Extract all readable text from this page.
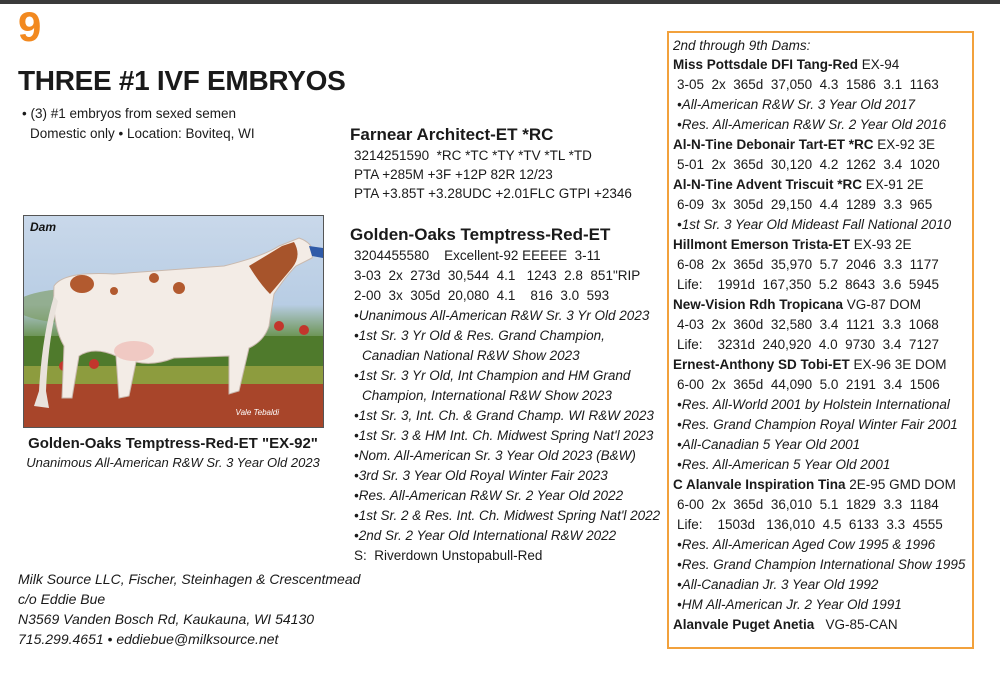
9
THREE #1 IVF EMBRYOS
• (3) #1 embryos from sexed semen
Domestic only • Location: Boviteq, WI
Dam
Vale Tebaldi
Golden-Oaks Temptress-Red-ET "EX-92"
Unanimous All-American R&W Sr. 3 Year Old 2023
Milk Source LLC, Fischer, Steinhagen & Crescentmead
c/o Eddie Bue
N3569 Vanden Bosch Rd, Kaukauna, WI 54130
715.299.4651 • eddiebue@milksource.net
Farnear Architect-ET *RC
3214251590  *RC *TC *TY *TV *TL *TD
PTA +285M +3F +12P 82R 12/23
PTA +3.85T +3.28UDC +2.01FLC GTPI +2346
Golden-Oaks Temptress-Red-ET
3204455580    Excellent-92 EEEEE  3-11
3-03  2x  273d  30,544  4.1   1243  2.8  851"RIP
2-00  3x  305d  20,080  4.1    816  3.0  593
•Unanimous All-American R&W Sr. 3 Yr Old 2023
•1st Sr. 3 Yr Old & Res. Grand Champion,
Canadian National R&W Show 2023
•1st Sr. 3 Yr Old, Int Champion and HM Grand
Champion, International R&W Show 2023
•1st Sr. 3, Int. Ch. & Grand Champ. WI R&W 2023
•1st Sr. 3 & HM Int. Ch. Midwest Spring Nat'l 2023
•Nom. All-American Sr. 3 Year Old 2023 (B&W)
•3rd Sr. 3 Year Old Royal Winter Fair 2023
•Res. All-American R&W Sr. 2 Year Old 2022
•1st Sr. 2 & Res. Int. Ch. Midwest Spring Nat'l 2022
•2nd Sr. 2 Year Old International R&W 2022
S:  Riverdown Unstopabull-Red
2nd through 9th Dams:
Miss Pottsdale DFI Tang-Red EX-94
3-05  2x  365d  37,050  4.3  1586  3.1  1163
•All-American R&W Sr. 3 Year Old 2017
•Res. All-American R&W Sr. 2 Year Old 2016
Al-N-Tine Debonair Tart-ET *RC EX-92 3E
5-01  2x  365d  30,120  4.2  1262  3.4  1020
Al-N-Tine Advent Triscuit *RC EX-91 2E
6-09  3x  305d  29,150  4.4  1289  3.3  965
•1st Sr. 3 Year Old Mideast Fall National 2010
Hillmont Emerson Trista-ET EX-93 2E
6-08  2x  365d  35,970  5.7  2046  3.3  1177
Life:    1991d  167,350  5.2  8643  3.6  5945
New-Vision Rdh Tropicana VG-87 DOM
4-03  2x  360d  32,580  3.4  1121  3.3  1068
Life:    3231d  240,920  4.0  9730  3.4  7127
Ernest-Anthony SD Tobi-ET EX-96 3E DOM
6-00  2x  365d  44,090  5.0  2191  3.4  1506
•Res. All-World 2001 by Holstein International
•Res. Grand Champion Royal Winter Fair 2001
•All-Canadian 5 Year Old 2001
•Res. All-American 5 Year Old 2001
C Alanvale Inspiration Tina 2E-95 GMD DOM
6-00  2x  365d  36,010  5.1  1829  3.3  1184
Life:    1503d   136,010  4.5  6133  3.3  4555
•Res. All-American Aged Cow 1995 & 1996
•Res. Grand Champion International Show 1995
•All-Canadian Jr. 3 Year Old 1992
•HM All-American Jr. 2 Year Old 1991
Alanvale Puget Anetia   VG-85-CAN
